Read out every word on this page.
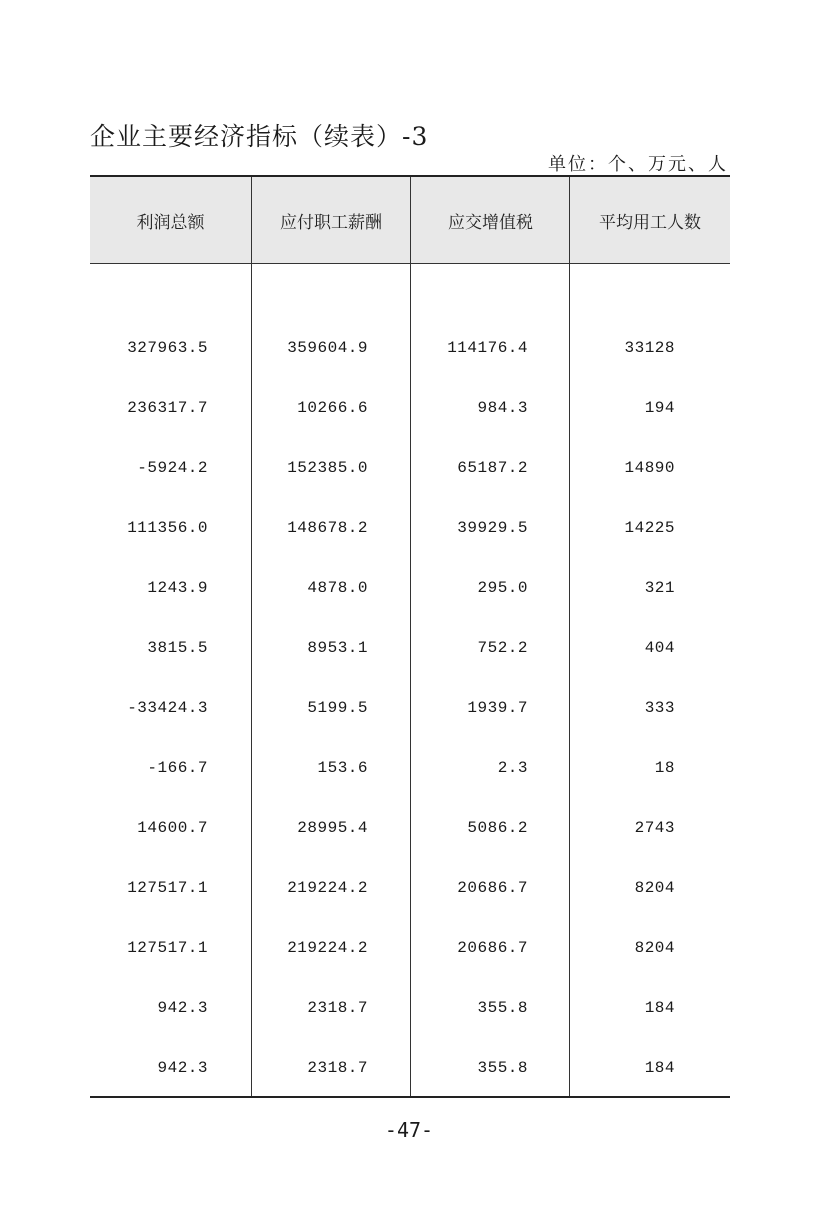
企业主要经济指标（续表）-3
单位：个、万元、人
利润总额	应付职工薪酬	应交增值税	平均用工人数
327963.5	359604.9	114176.4	33128
236317.7	10266.6	984.3	194
-5924.2	152385.0	65187.2	14890
111356.0	148678.2	39929.5	14225
1243.9	4878.0	295.0	321
3815.5	8953.1	752.2	404
-33424.3	5199.5	1939.7	333
-166.7	153.6	2.3	18
14600.7	28995.4	5086.2	2743
127517.1	219224.2	20686.7	8204
127517.1	219224.2	20686.7	8204
942.3	2318.7	355.8	184
942.3	2318.7	355.8	184
-47-
